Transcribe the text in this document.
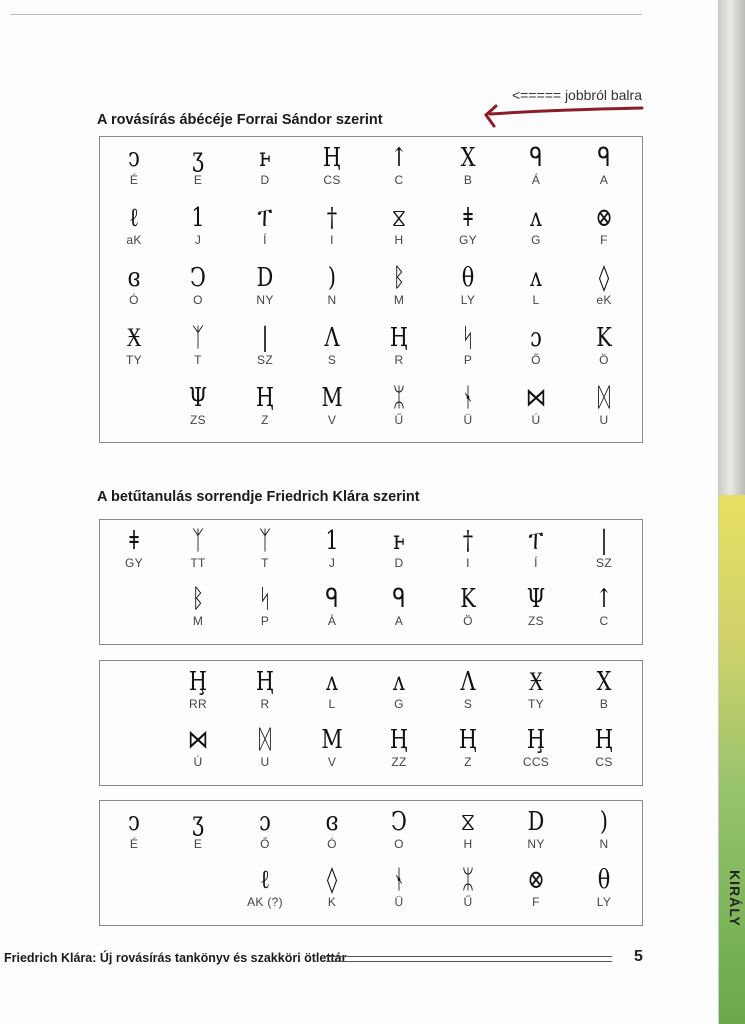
KIRÁLY
A rovásírás ábécéje Forrai Sándor szerint
<===== jobbról balra
ↄ
É
ʒ
E
ⱶ
D
Ⱨ
CS
↑
C
Ⅹ
B
ᑫ
Á
ᑫ
A
ℓ
aK
1
J
ፐ
Í
†
I
⧖
H
ǂ
GY
ʌ
G
⊗
F
ɞ
Ó
Ↄ
O
D
NY
)
N
ᛒ
M
θ
LY
ʌ
L
◊
eK
Ӿ
TY
ᛉ
T
|
SZ
Λ
S
Ң
R
ᛋ
P
ɔ
Ő
K
Ö
Ψ
ZS
Ⱨ
Z
M
V
ᛯ
Ű
ᛀ
Ü
⋈
Ú
ᛞ
U
A betűtanulás sorrendje Friedrich Klára szerint
ǂ
GY
ᛉ
TT
ᛉ
T
1
J
ⱶ
D
†
I
ፐ
Í
|
SZ
ᛒ
M
ᛋ
P
ᑫ
Á
ᑫ
A
K
Ö
Ψ
ZS
↑
C
Ḩ
RR
Ң
R
ʌ
L
ʌ
G
Λ
S
Ӿ
TY
Ⅹ
B
⋈
Ú
ᛞ
U
M
V
Ⱨ
ZZ
Ⱨ
Z
Ḩ
CCS
Ⱨ
CS
ↄ
É
ʒ
E
ɔ
Ő
ɞ
Ó
Ↄ
O
⧖
H
D
NY
)
N
ℓ
AK (?)
◊
K
ᛀ
Ü
ᛯ
Ű
⊗
F
θ
LY
Friedrich Klára: Új rovásírás tankönyv és szakköri ötlettár	5
